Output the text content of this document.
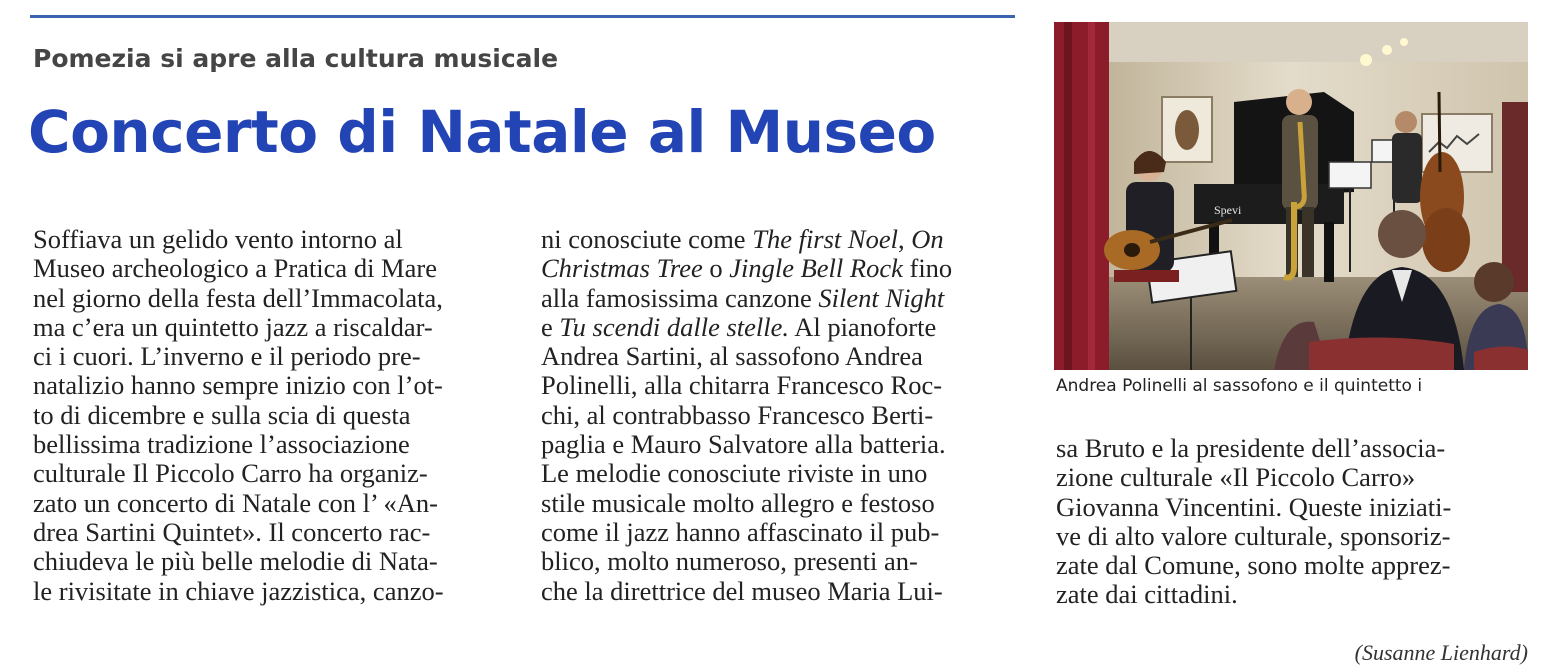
Pomezia si apre alla cultura musicale
Concerto di Natale al Museo
Soffiava un gelido vento intorno al
Museo archeologico a Pratica di Mare
nel giorno della festa dell’Immacolata,
ma c’era un quintetto jazz a riscaldar-
ci i cuori. L’inverno e il periodo pre-
natalizio hanno sempre inizio con l’ot-
to di dicembre e sulla scia di questa
bellissima tradizione l’associazione
culturale Il Piccolo Carro ha organiz-
zato un concerto di Natale con l’ «An-
drea Sartini Quintet». Il concerto rac-
chiudeva le più belle melodie di Nata-
le rivisitate in chiave jazzistica, canzo-
ni conosciute come The first Noel, On
Christmas Tree o Jingle Bell Rock fino
alla famosissima canzone Silent Night
e Tu scendi dalle stelle. Al pianoforte
Andrea Sartini, al sassofono Andrea
Polinelli, alla chitarra Francesco Roc-
chi, al contrabbasso Francesco Berti-
paglia e Mauro Salvatore alla batteria.
Le melodie conosciute riviste in uno
stile musicale molto allegro e festoso
come il jazz hanno affascinato il pub-
blico, molto numeroso, presenti an-
che la direttrice del museo Maria Lui-
sa Bruto e la presidente dell’associa-
zione culturale «Il Piccolo Carro»
Giovanna Vincentini. Queste iniziati-
ve di alto valore culturale, sponsoriz-
zate dal Comune, sono molte apprez-
zate dai cittadini.
(Susanne Lienhard)
Spevi
Andrea Polinelli al sassofono e il quintetto i
